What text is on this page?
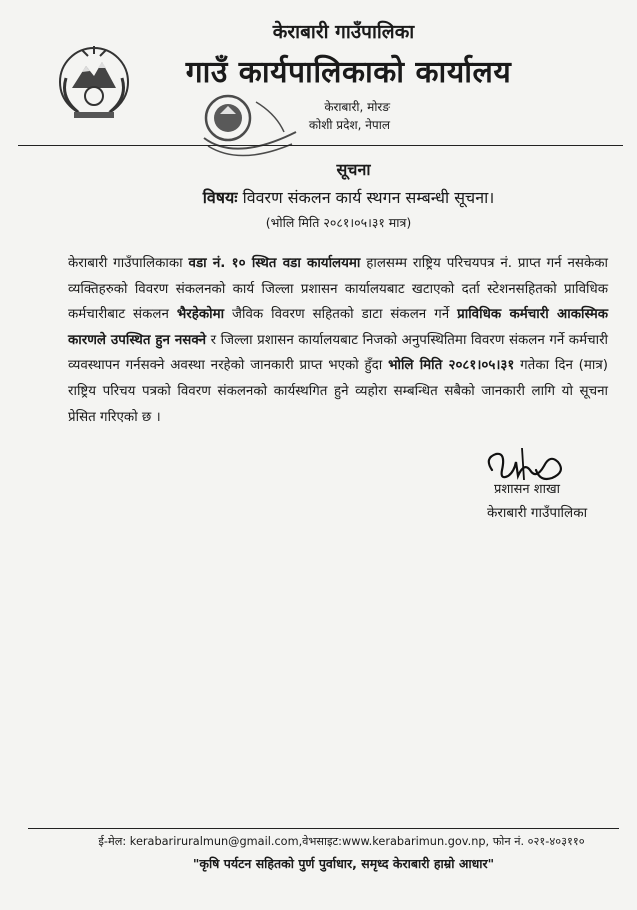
केराबारी गाउँपालिका
गाउँ कार्यपालिकाको कार्यालय
केराबारी, मोरङ
कोशी प्रदेश, नेपाल
सूचना
विषयः विवरण संकलन कार्य स्थगन सम्बन्धी सूचना।
(भोलि मिति २०८१।०५।३१ मात्र)
केराबारी गाउँपालिकाका वडा नं. १० स्थित वडा कार्यालयमा हालसम्म राष्ट्रिय परिचयपत्र नं. प्राप्त गर्न नसकेका व्यक्तिहरुको विवरण संकलनको कार्य जिल्ला प्रशासन कार्यालयबाट खटाएको दर्ता स्टेशनसहितको प्राविधिक कर्मचारीबाट संकलन भैरहेकोमा जैविक विवरण सहितको डाटा संकलन गर्ने प्राविधिक कर्मचारी आकस्मिक कारणले उपस्थित हुन नसक्ने र जिल्ला प्रशासन कार्यालयबाट निजको अनुपस्थितिमा विवरण संकलन गर्ने कर्मचारी व्यवस्थापन गर्नसक्ने अवस्था नरहेको जानकारी प्राप्त भएको हुँदा भोलि मिति २०८१।०५।३१ गतेका दिन (मात्र) राष्ट्रिय परिचय पत्रको विवरण संकलनको कार्यस्थगित हुने व्यहोरा सम्बन्धित सबैको जानकारी लागि यो सूचना प्रेसित गरिएको छ ।
प्रशासन शाखा
केराबारी गाउँपालिका
ई-मेल: kerabariruralmun@gmail.com,वेभसाइट:www.kerabarimun.gov.np, फोन नं. ०२१-४०३११०
"कृषि पर्यटन सहितको पुर्ण पुर्वाधार, समृध्द केराबारी हाम्रो आधार"
